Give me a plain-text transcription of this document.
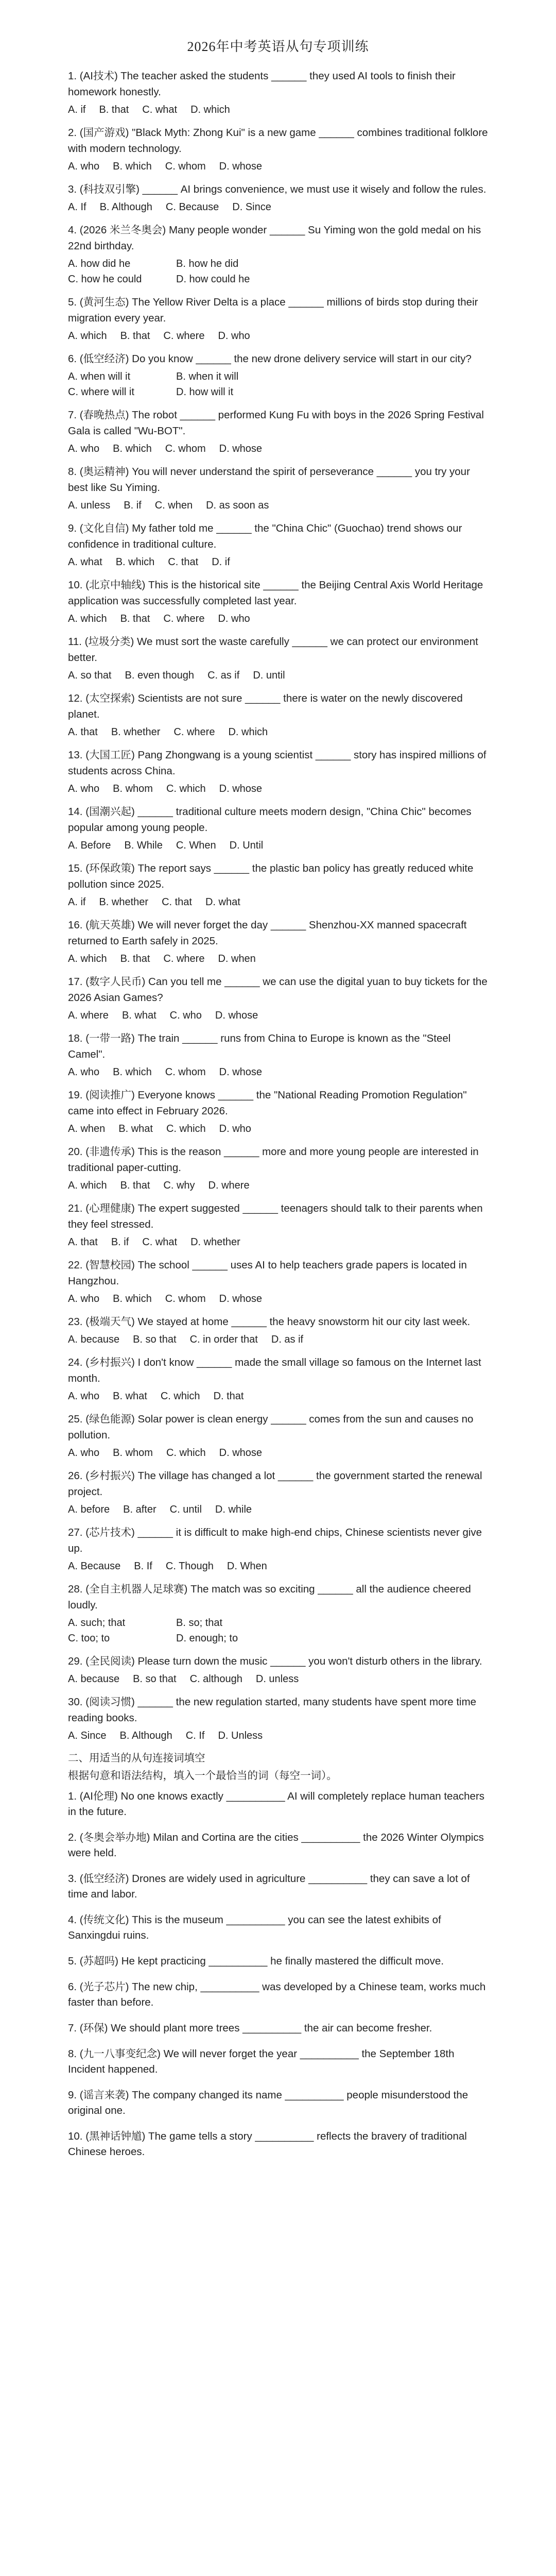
2026年中考英语从句专项训练

1. (AI技术) The teacher asked the students ______ they used AI tools to finish their homework honestly.

A. if B. that C. what D. which

2. (国产游戏) "Black Myth: Zhong Kui" is a new game ______ combines traditional folklore with modern technology.

A. who B. which C. whom D. whose

3. (科技双引擎) ______ AI brings convenience, we must use it wisely and follow the rules.

A. If B. Although C. Because D. Since

4. (2026 米兰冬奥会) Many people wonder ______ Su Yiming won the gold medal on his 22nd birthday.

A. how did he	B. how he did
C. how he could	D. how could he

5. (黄河生态) The Yellow River Delta is a place ______ millions of birds stop during their migration every year.

A. which B. that C. where D. who

6. (低空经济) Do you know ______ the new drone delivery service will start in our city?

A. when will it	B. when it will
C. where will it	D. how will it

7. (春晚热点) The robot ______ performed Kung Fu with boys in the 2026 Spring Festival Gala is called "Wu-BOT".

A. who B. which C. whom D. whose

8. (奥运精神) You will never understand the spirit of perseverance ______ you try your best like Su Yiming.

A. unless B. if C. when D. as soon as

9. (文化自信) My father told me ______ the "China Chic" (Guochao) trend shows our confidence in traditional culture.

A. what B. which C. that D. if

10. (北京中轴线) This is the historical site ______ the Beijing Central Axis World Heritage application was successfully completed last year.

A. which B. that C. where D. who

11. (垃圾分类) We must sort the waste carefully ______ we can protect our environment better.

A. so that B. even though C. as if D. until

12. (太空探索) Scientists are not sure ______ there is water on the newly discovered planet.

A. that B. whether C. where D. which

13. (大国工匠) Pang Zhongwang is a young scientist ______ story has inspired millions of students across China.

A. who B. whom C. which D. whose

14. (国潮兴起) ______ traditional culture meets modern design, "China Chic" becomes popular among young people.

A. Before B. While C. When D. Until

15. (环保政策) The report says ______ the plastic ban policy has greatly reduced white pollution since 2025.

A. if B. whether C. that D. what

16. (航天英雄) We will never forget the day ______ Shenzhou-XX manned spacecraft returned to Earth safely in 2025.

A. which B. that C. where D. when

17. (数字人民币) Can you tell me ______ we can use the digital yuan to buy tickets for the 2026 Asian Games?

A. where B. what C. who D. whose

18. (一带一路) The train ______ runs from China to Europe is known as the "Steel Camel".

A. who B. which C. whom D. whose

19. (阅读推广) Everyone knows ______ the "National Reading Promotion Regulation" came into effect in February 2026.

A. when B. what C. which D. who

20. (非遗传承) This is the reason ______ more and more young people are interested in traditional paper-cutting.

A. which B. that C. why D. where

21. (心理健康) The expert suggested ______ teenagers should talk to their parents when they feel stressed.

A. that B. if C. what D. whether

22. (智慧校园) The school ______ uses AI to help teachers grade papers is located in Hangzhou.

A. who B. which C. whom D. whose

23. (极端天气) We stayed at home ______ the heavy snowstorm hit our city last week.

A. because B. so that C. in order that D. as if

24. (乡村振兴) I don't know ______ made the small village so famous on the Internet last month.

A. who B. what C. which D. that

25. (绿色能源) Solar power is clean energy ______ comes from the sun and causes no pollution.

A. who B. whom C. which D. whose

26. (乡村振兴) The village has changed a lot ______ the government started the renewal project.

A. before B. after C. until D. while

27. (芯片技术) ______ it is difficult to make high-end chips, Chinese scientists never give up.

A. Because B. If C. Though D. When

28. (全自主机器人足球赛) The match was so exciting ______ all the audience cheered loudly.

A. such; that	B. so; that
C. too; to	D. enough; to

29. (全民阅读) Please turn down the music ______ you won't disturb others in the library.

A. because B. so that C. although D. unless

30. (阅读习惯) ______ the new regulation started, many students have spent more time reading books.

A. Since B. Although C. If D. Unless
二、用适当的从句连接词填空
根据句意和语法结构，填入一个最恰当的词（每空一词）。

1. (AI伦理) No one knows exactly __________ AI will completely replace human teachers in the future.

2. (冬奥会举办地) Milan and Cortina are the cities __________ the 2026 Winter Olympics were held.

3. (低空经济) Drones are widely used in agriculture __________ they can save a lot of time and labor.

4. (传统文化) This is the museum __________ you can see the latest exhibits of Sanxingdui ruins.

5. (苏超吗) He kept practicing __________ he finally mastered the difficult move.

6. (光子芯片) The new chip, __________ was developed by a Chinese team, works much faster than before.

7. (环保) We should plant more trees __________ the air can become fresher.

8. (九一八事变纪念) We will never forget the year __________ the September 18th Incident happened.

9. (谣言来袭) The company changed its name __________ people misunderstood the original one.

10. (黑神话钟馗) The game tells a story __________ reflects the bravery of traditional Chinese heroes.
